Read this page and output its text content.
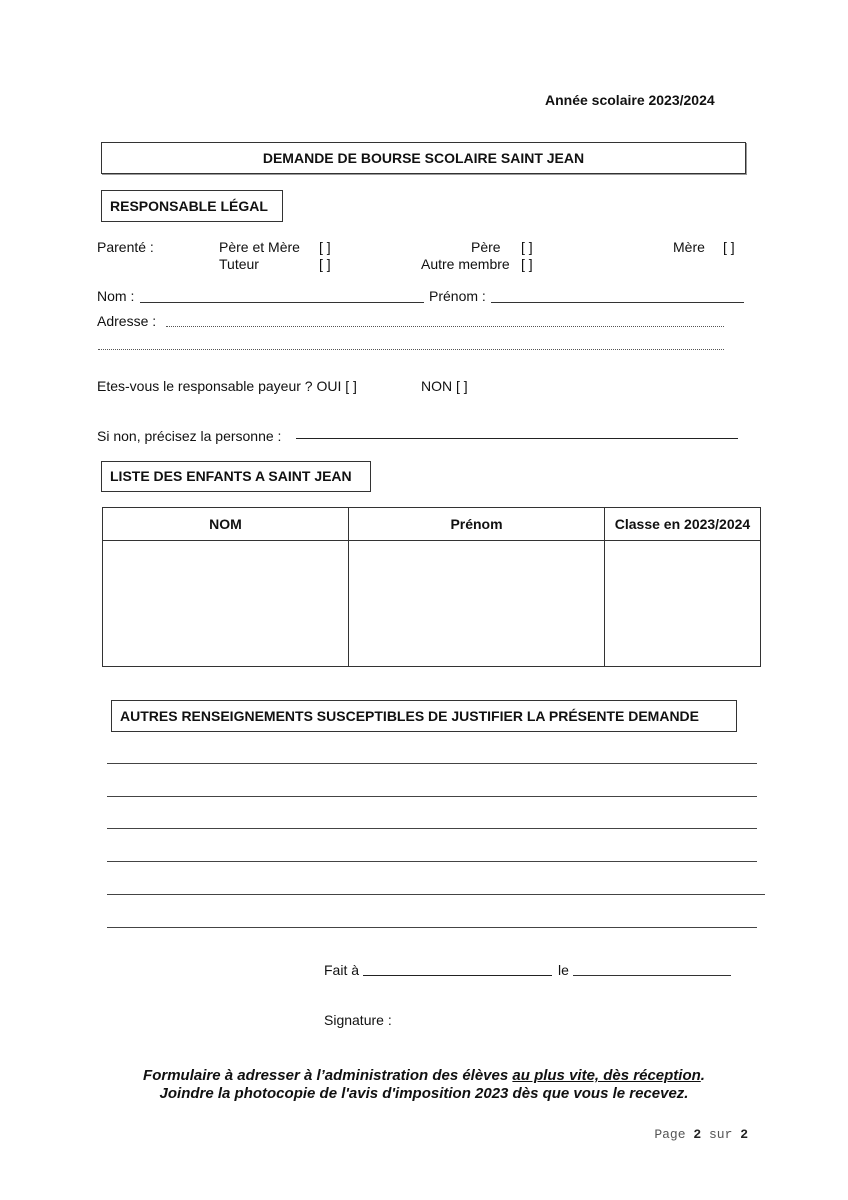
Année scolaire 2023/2024
DEMANDE DE BOURSE SCOLAIRE SAINT JEAN
RESPONSABLE LÉGAL
Parenté :	Père et Mère [ ]	Père [ ]	Mère [ ]
Tuteur	[ ]	Autre membre [ ]
Nom :	Prénom :
Adresse :
Etes-vous le responsable payeur ? OUI [ ]	NON [ ]
Si non, précisez la personne :
LISTE DES ENFANTS A SAINT JEAN
NOM	Prénom	Classe en 2023/2024

AUTRES RENSEIGNEMENTS SUSCEPTIBLES DE JUSTIFIER LA PRÉSENTE DEMANDE
Fait à	le
Signature :
Formulaire à adresser à l’administration des élèves au plus vite, dès réception.
Joindre la photocopie de l'avis d'imposition 2023 dès que vous le recevez.
Page 2 sur 2
